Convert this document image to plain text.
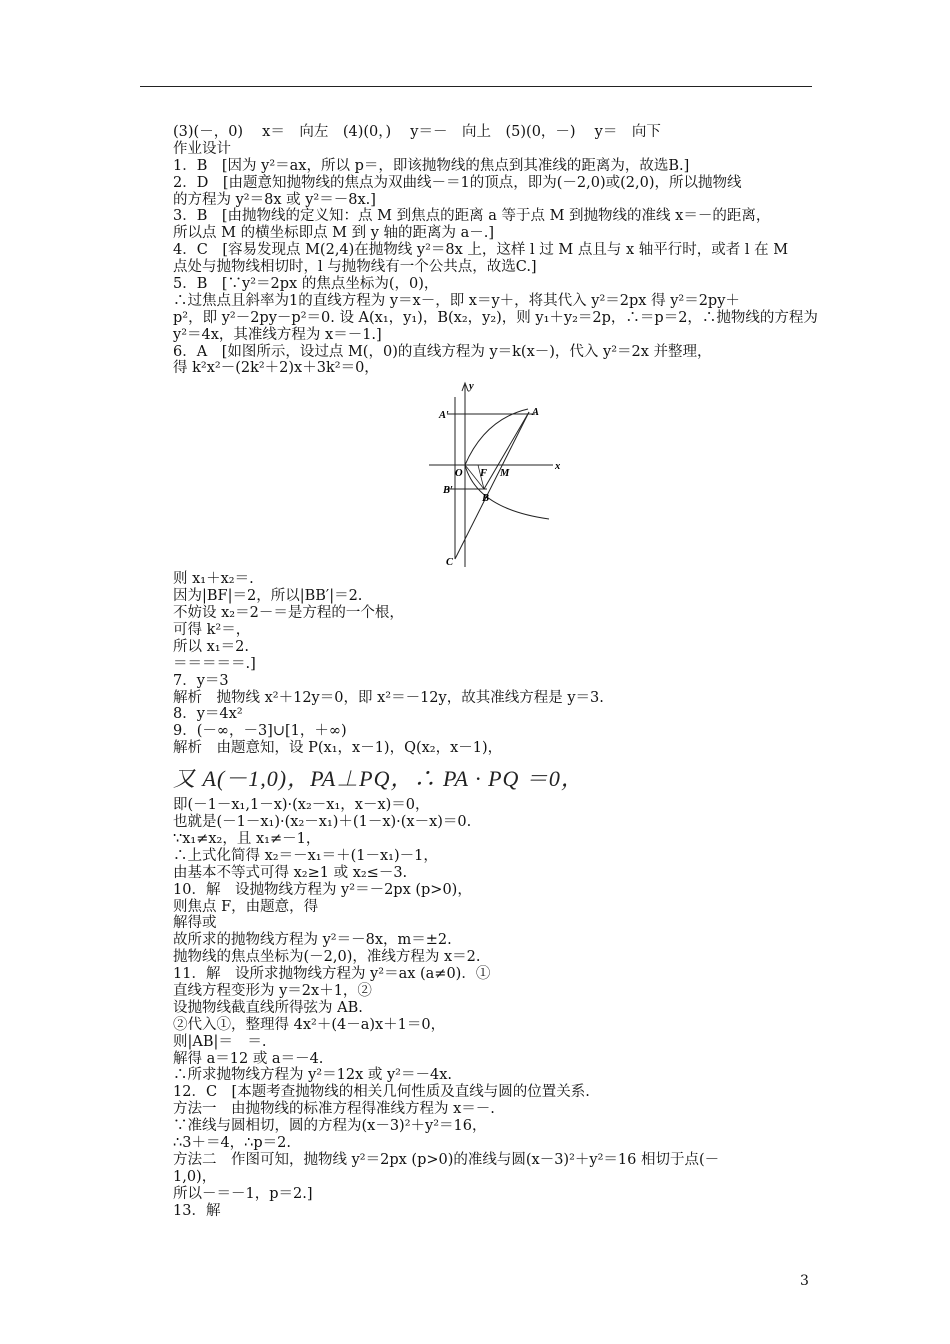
(3)(－，0)　 x＝　向左　(4)(0，)　 y＝－　向上　(5)(0，－)　 y＝　向下
作业设计
1．B　[因为 y²＝ax，所以 p＝，即该抛物线的焦点到其准线的距离为，故选B.]
2．D　[由题意知抛物线的焦点为双曲线－＝1的顶点，即为(－2,0)或(2,0)，所以抛物线
的方程为 y²＝8x 或 y²＝－8x.]
3．B　[由抛物线的定义知：点 M 到焦点的距离 a 等于点 M 到抛物线的准线 x＝－的距离，
所以点 M 的横坐标即点 M 到 y 轴的距离为 a－.]
4．C　[容易发现点 M(2,4)在抛物线 y²＝8x 上，这样 l 过 M 点且与 x 轴平行时，或者 l 在 M
点处与抛物线相切时，l 与抛物线有一个公共点，故选C.]
5．B　[∵y²＝2px 的焦点坐标为(，0)，
∴过焦点且斜率为1的直线方程为 y＝x－，即 x＝y＋，将其代入 y²＝2px 得 y²＝2py＋
p²，即 y²－2py－p²＝0. 设 A(x₁，y₁)，B(x₂，y₂)，则 y₁＋y₂＝2p，∴＝p＝2，∴抛物线的方程为
y²＝4x，其准线方程为 x＝－1.]
6．A　[如图所示，设过点 M(，0)的直线方程为 y＝k(x－)，代入 y²＝2x 并整理，
得 k²x²－(2k²＋2)x＋3k²＝0，
y
x
A′	A
O F M
B′
B
C
则 x₁＋x₂＝.
因为|BF|＝2，所以|BB′|＝2.
不妨设 x₂＝2－＝是方程的一个根，
可得 k²＝，
所以 x₁＝2.
＝＝＝＝＝.]
7．y＝3
解析　抛物线 x²＋12y＝0，即 x²＝－12y，故其准线方程是 y＝3.
8．y＝4x²
9．(－∞，－3]∪[1，＋∞)
解析　由题意知，设 P(x₁，x－1)，Q(x₂，x－1)，
又 A(－1,0)，PA⊥PQ，∴ PA · PQ ＝0，
即(－1－x₁,1－x)·(x₂－x₁，x－x)＝0，
也就是(－1－x₁)·(x₂－x₁)＋(1－x)·(x－x)＝0.
∵x₁≠x₂，且 x₁≠－1，
∴上式化简得 x₂＝－x₁＝＋(1－x₁)－1，
由基本不等式可得 x₂≥1 或 x₂≤－3.
10．解　设抛物线方程为 y²＝－2px (p>0)，
则焦点 F，由题意，得
解得或
故所求的抛物线方程为 y²＝－8x，m＝±2.
抛物线的焦点坐标为(－2,0)，准线方程为 x＝2.
11．解　设所求抛物线方程为 y²＝ax (a≠0)．①
直线方程变形为 y＝2x＋1，②
设抛物线截直线所得弦为 AB.
②代入①，整理得 4x²＋(4－a)x＋1＝0，
则|AB|＝　＝.
解得 a＝12 或 a＝－4.
∴所求抛物线方程为 y²＝12x 或 y²＝－4x.
12．C　[本题考查抛物线的相关几何性质及直线与圆的位置关系.
方法一　由抛物线的标准方程得准线方程为 x＝－.
∵准线与圆相切，圆的方程为(x－3)²＋y²＝16，
∴3＋＝4，∴p＝2.
方法二　作图可知，抛物线 y²＝2px (p>0)的准线与圆(x－3)²＋y²＝16 相切于点(－
1,0)，
所以－＝－1，p＝2.]
13．解
3
